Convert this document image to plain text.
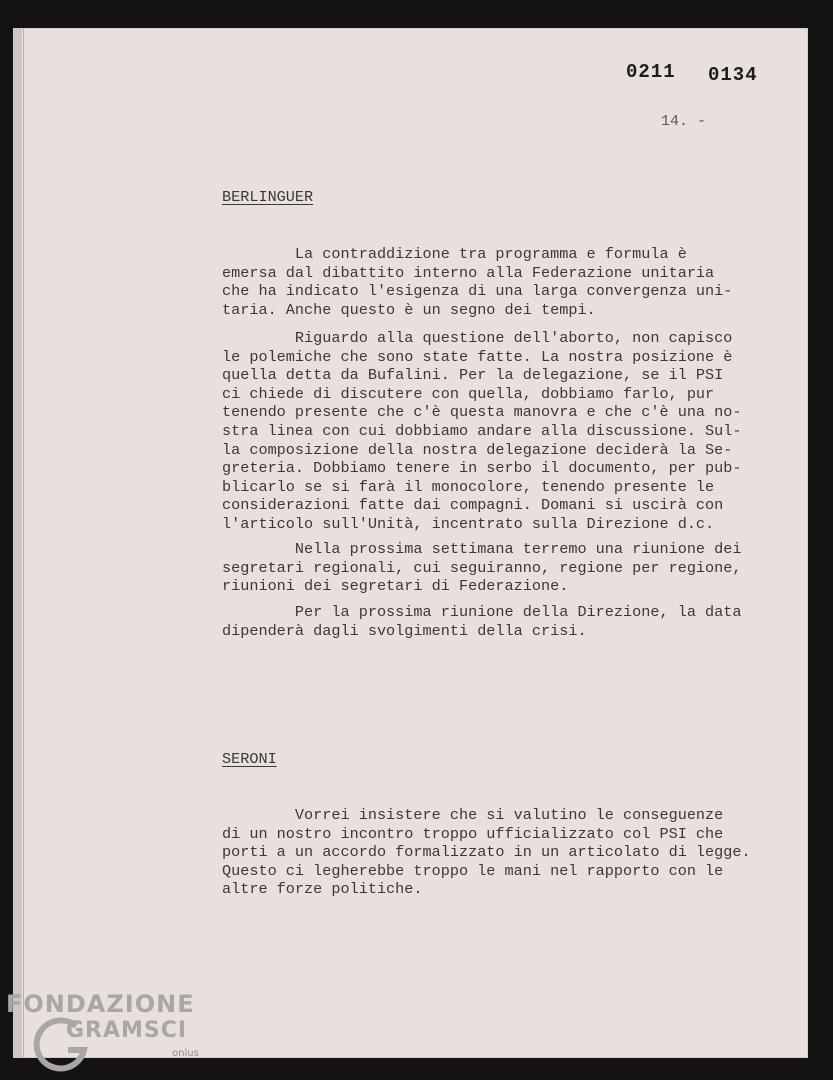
0211 0134
14. -
BERLINGUER

La contraddizione tra programma e formula è
emersa dal dibattito interno alla Federazione unitaria
che ha indicato l'esigenza di una larga convergenza uni-
taria. Anche questo è un segno dei tempi.

Riguardo alla questione dell'aborto, non capisco
le polemiche che sono state fatte. La nostra posizione è
quella detta da Bufalini. Per la delegazione, se il PSI
ci chiede di discutere con quella, dobbiamo farlo, pur
tenendo presente che c'è questa manovra e che c'è una no-
stra linea con cui dobbiamo andare alla discussione. Sul-
la composizione della nostra delegazione deciderà la Se-
greteria. Dobbiamo tenere in serbo il documento, per pub-
blicarlo se si farà il monocolore, tenendo presente le
considerazioni fatte dai compagni. Domani si uscirà con
l'articolo sull'Unità, incentrato sulla Direzione d.c.

Nella prossima settimana terremo una riunione dei
segretari regionali, cui seguiranno, regione per regione,
riunioni dei segretari di Federazione.

Per la prossima riunione della Direzione, la data
dipenderà dagli svolgimenti della crisi.

SERONI

Vorrei insistere che si valutino le conseguenze
di un nostro incontro troppo ufficializzato col PSI che
porti a un accordo formalizzato in un articolato di legge.
Questo ci legherebbe troppo le mani nel rapporto con le
altre forze politiche.

FONDAZIONE
GRAMSCI
onlus
